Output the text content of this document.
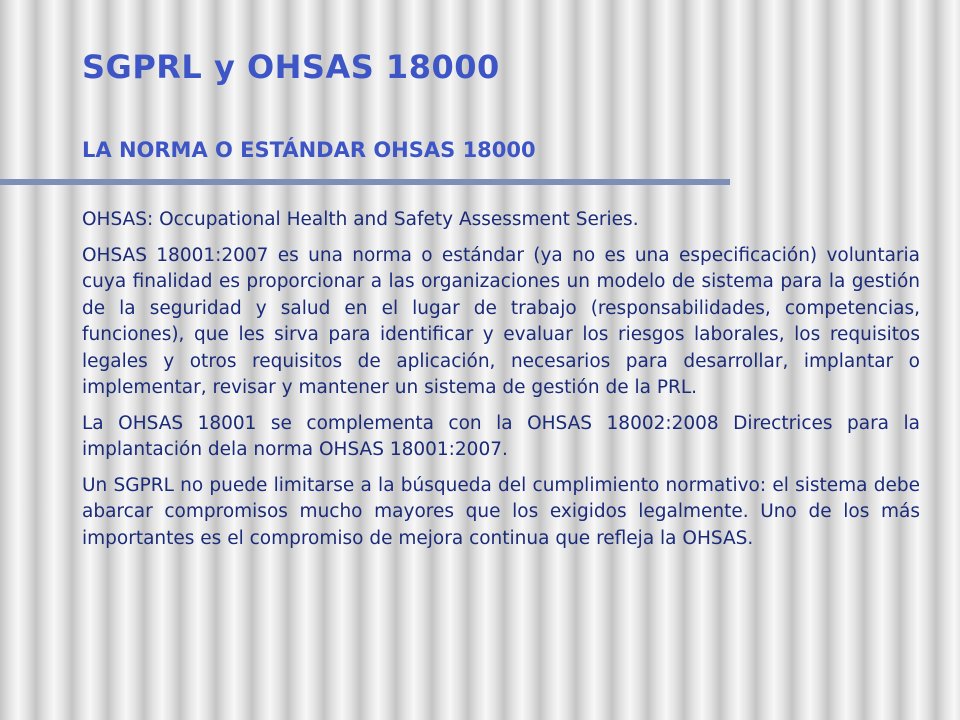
SGPRL y OHSAS 18000
LA NORMA O ESTÁNDAR OHSAS 18000

OHSAS: Occupational Health and Safety Assessment Series.

OHSAS 18001:2007 es una norma o estándar (ya no es una especificación) voluntaria cuya finalidad es proporcionar a las organizaciones un modelo de sistema para la gestión de la seguridad y salud en el lugar de trabajo (responsabilidades, competencias, funciones), que les sirva para identificar y evaluar los riesgos laborales, los requisitos legales y otros requisitos de aplicación, necesarios para desarrollar, implantar o implementar, revisar y mantener un sistema de gestión de la PRL.

La OHSAS 18001 se complementa con la OHSAS 18002:2008 Directrices para la implantación dela norma OHSAS 18001:2007.

Un SGPRL no puede limitarse a la búsqueda del cumplimiento normativo: el sistema debe abarcar compromisos mucho mayores que los exigidos legalmente. Uno de los más importantes es el compromiso de mejora continua que refleja la OHSAS.
